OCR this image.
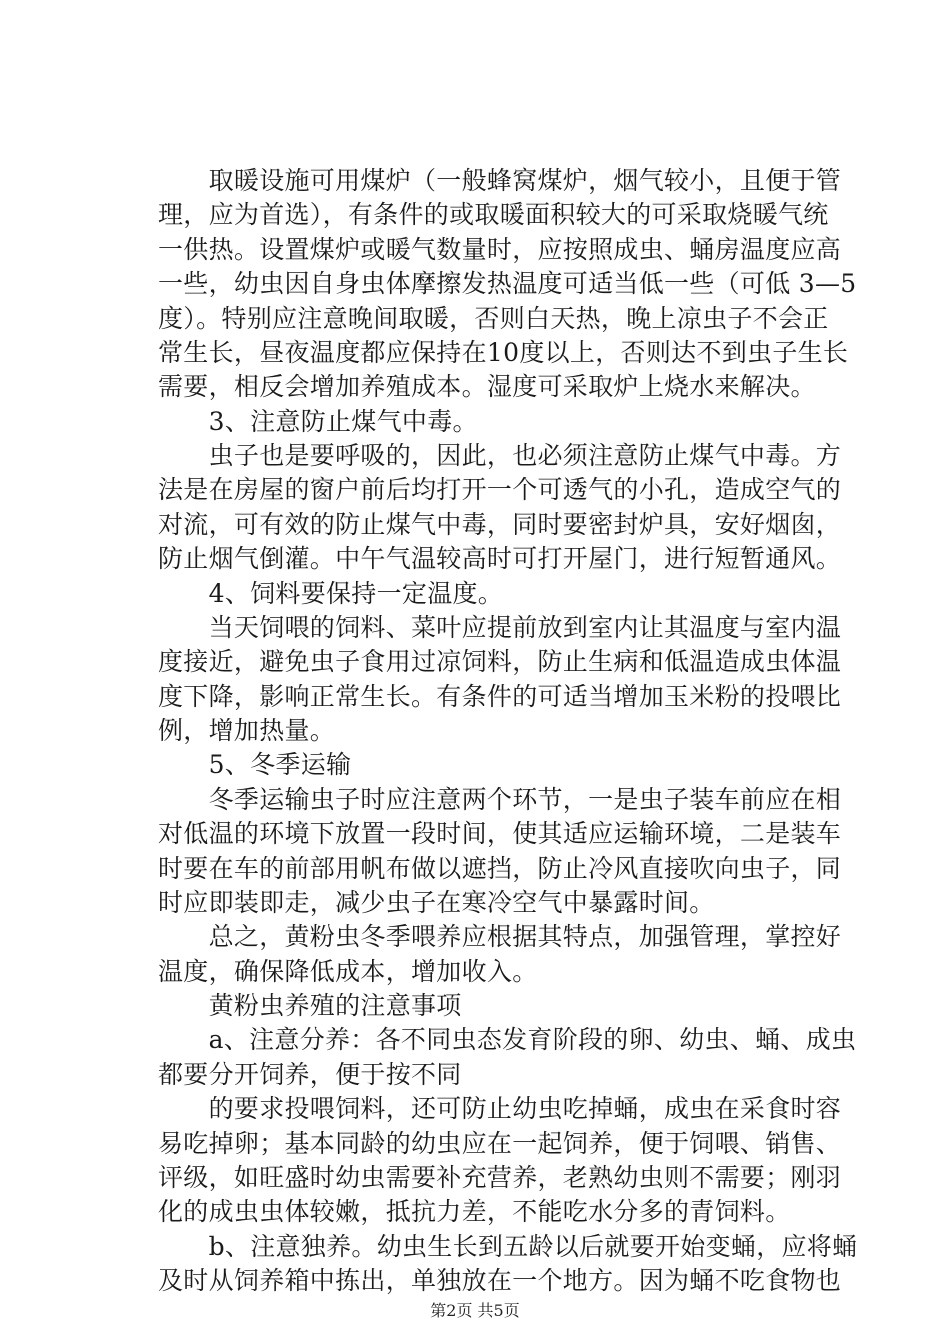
　　取暖设施可用煤炉（一般蜂窝煤炉，烟气较小，且便于管
理，应为首选），有条件的或取暖面积较大的可采取烧暖气统
一供热。设置煤炉或暖气数量时，应按照成虫、蛹房温度应高
一些，幼虫因自身虫体摩擦发热温度可适当低一些（可低 3—5
度）。特别应注意晚间取暖，否则白天热，晚上凉虫子不会正
常生长，昼夜温度都应保持在10度以上，否则达不到虫子生长
需要，相反会增加养殖成本。湿度可采取炉上烧水来解决。
　　3、注意防止煤气中毒。
　　虫子也是要呼吸的，因此，也必须注意防止煤气中毒。方
法是在房屋的窗户前后均打开一个可透气的小孔，造成空气的
对流，可有效的防止煤气中毒，同时要密封炉具，安好烟囱，
防止烟气倒灌。中午气温较高时可打开屋门，进行短暂通风。
　　4、饲料要保持一定温度。
　　当天饲喂的饲料、菜叶应提前放到室内让其温度与室内温
度接近，避免虫子食用过凉饲料，防止生病和低温造成虫体温
度下降，影响正常生长。有条件的可适当增加玉米粉的投喂比
例，增加热量。
　　5、冬季运输
　　冬季运输虫子时应注意两个环节，一是虫子装车前应在相
对低温的环境下放置一段时间，使其适应运输环境，二是装车
时要在车的前部用帆布做以遮挡，防止冷风直接吹向虫子，同
时应即装即走，减少虫子在寒冷空气中暴露时间。
　　总之，黄粉虫冬季喂养应根据其特点，加强管理，掌控好
温度，确保降低成本，增加收入。
　　黄粉虫养殖的注意事项
　　a、注意分养：各不同虫态发育阶段的卵、幼虫、蛹、成虫
都要分开饲养，便于按不同
　　的要求投喂饲料，还可防止幼虫吃掉蛹，成虫在采食时容
易吃掉卵；基本同龄的幼虫应在一起饲养，便于饲喂、销售、
评级，如旺盛时幼虫需要补充营养，老熟幼虫则不需要；刚羽
化的成虫虫体较嫩，抵抗力差，不能吃水分多的青饲料。
　　b、注意独养。幼虫生长到五龄以后就要开始变蛹，应将蛹
及时从饲养箱中拣出，单独放在一个地方。因为蛹不吃食物也
第2页 共5页
